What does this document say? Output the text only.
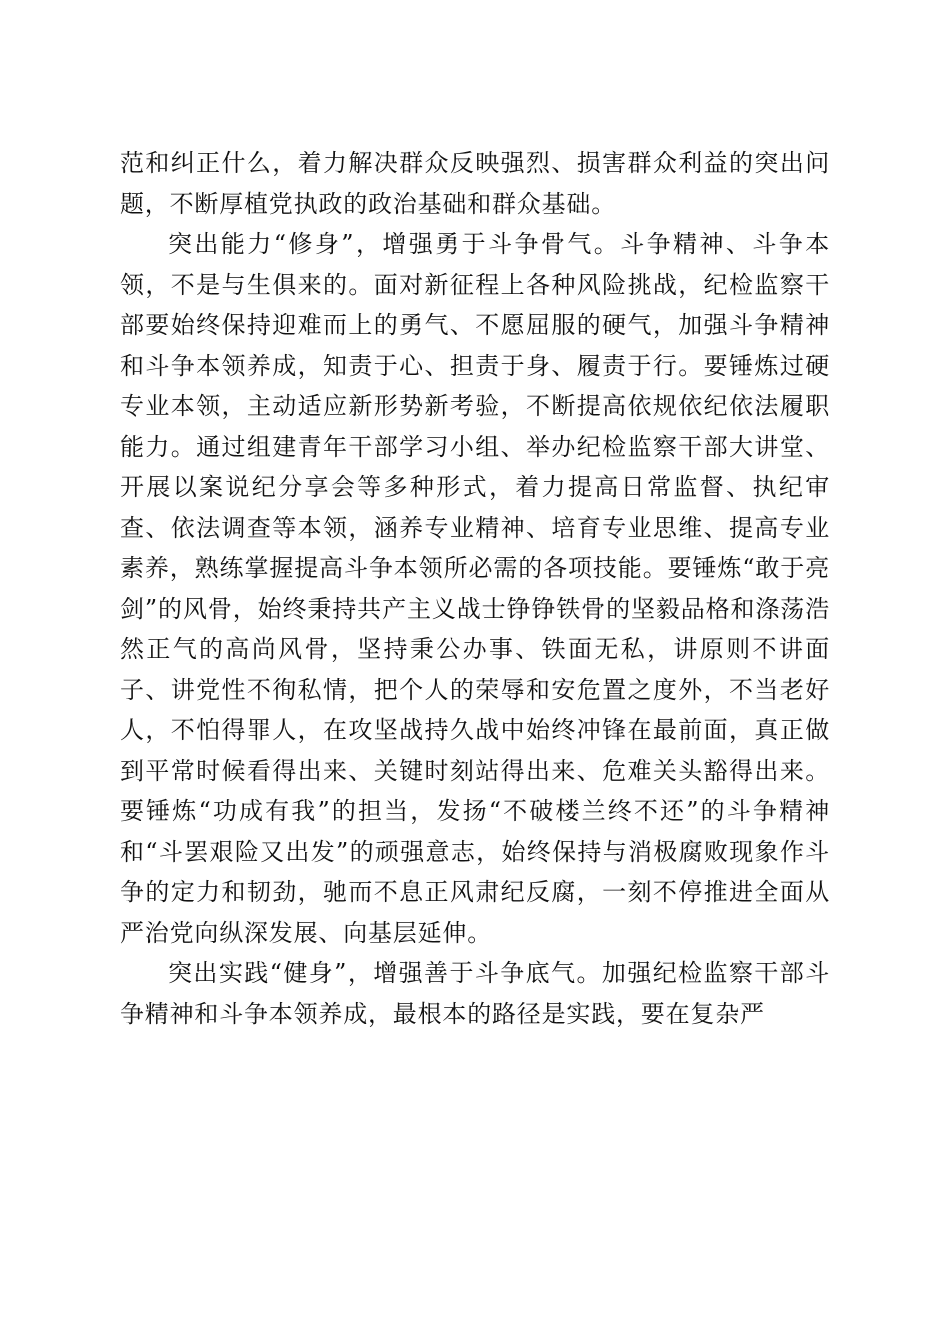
范和纠正什么，着力解决群众反映强烈、损害群众利益的突出问题，不断厚植党执政的政治基础和群众基础。

突出能力“修身”，增强勇于斗争骨气。斗争精神、斗争本领，不是与生俱来的。面对新征程上各种风险挑战，纪检监察干部要始终保持迎难而上的勇气、不愿屈服的硬气，加强斗争精神和斗争本领养成，知责于心、担责于身、履责于行。要锤炼过硬专业本领，主动适应新形势新考验，不断提高依规依纪依法履职能力。通过组建青年干部学习小组、举办纪检监察干部大讲堂、开展以案说纪分享会等多种形式，着力提高日常监督、执纪审查、依法调查等本领，涵养专业精神、培育专业思维、提高专业素养，熟练掌握提高斗争本领所必需的各项技能。要锤炼“敢于亮剑”的风骨，始终秉持共产主义战士铮铮铁骨的坚毅品格和涤荡浩然正气的高尚风骨，坚持秉公办事、铁面无私，讲原则不讲面子、讲党性不徇私情，把个人的荣辱和安危置之度外，不当老好人，不怕得罪人，在攻坚战持久战中始终冲锋在最前面，真正做到平常时候看得出来、关键时刻站得出来、危难关头豁得出来。要锤炼“功成有我”的担当，发扬“不破楼兰终不还”的斗争精神和“斗罢艰险又出发”的顽强意志，始终保持与消极腐败现象作斗争的定力和韧劲，驰而不息正风肃纪反腐，一刻不停推进全面从严治党向纵深发展、向基层延伸。

突出实践“健身”，增强善于斗争底气。加强纪检监察干部斗争精神和斗争本领养成，最根本的路径是实践，要在复杂严
